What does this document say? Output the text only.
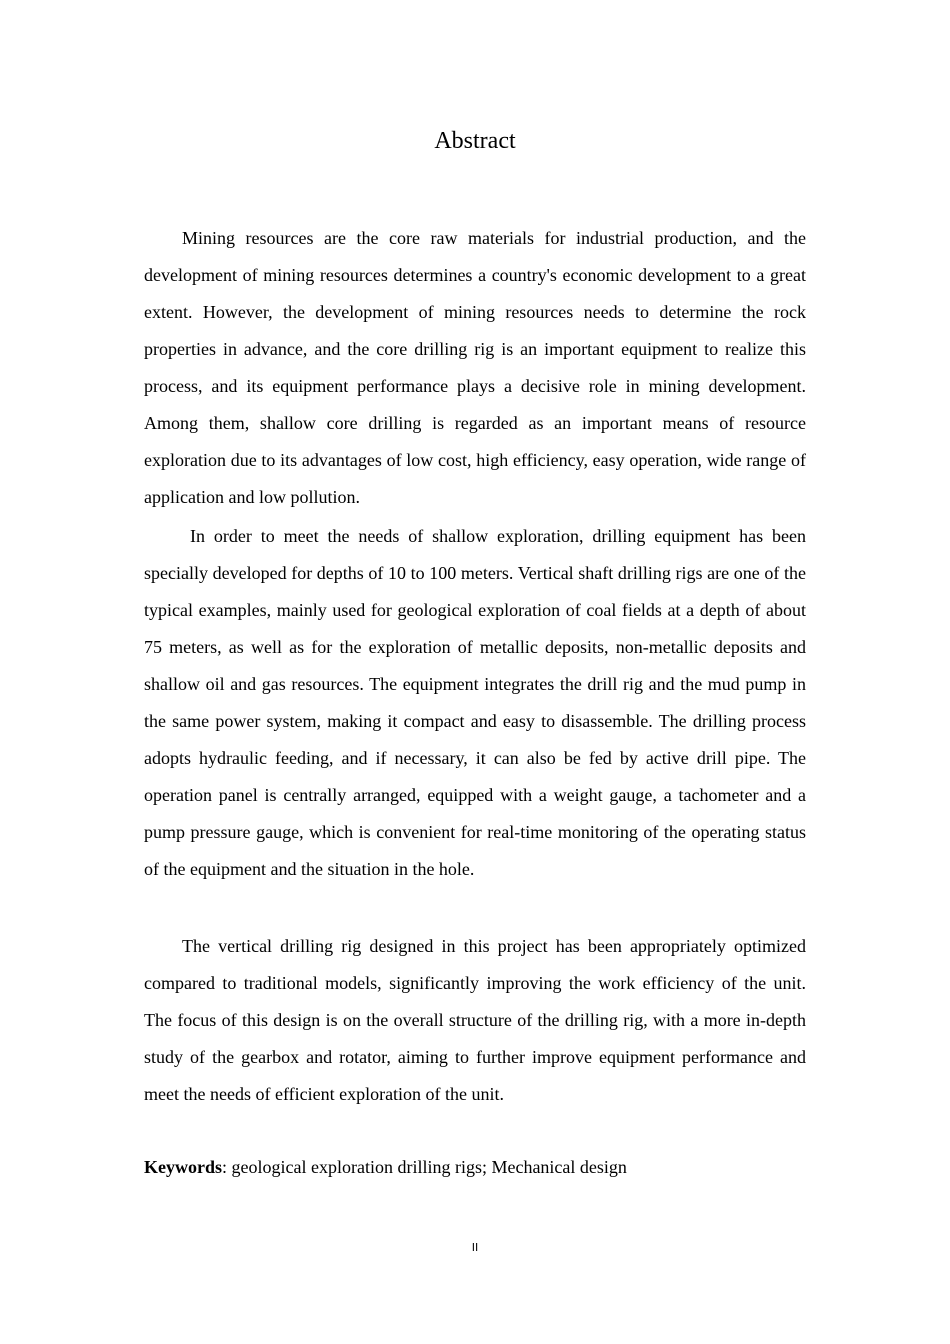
Abstract

Mining resources are the core raw materials for industrial production, and the development of mining resources determines a country's economic development to a great extent. However, the development of mining resources needs to determine the rock properties in advance, and the core drilling rig is an important equipment to realize this process, and its equipment performance plays a decisive role in mining development. Among them, shallow core drilling is regarded as an important means of resource exploration due to its advantages of low cost, high efficiency, easy operation, wide range of application and low pollution.

In order to meet the needs of shallow exploration, drilling equipment has been specially developed for depths of 10 to 100 meters. Vertical shaft drilling rigs are one of the typical examples, mainly used for geological exploration of coal fields at a depth of about 75 meters, as well as for the exploration of metallic deposits, non-metallic deposits and shallow oil and gas resources. The equipment integrates the drill rig and the mud pump in the same power system, making it compact and easy to disassemble. The drilling process adopts hydraulic feeding, and if necessary, it can also be fed by active drill pipe. The operation panel is centrally arranged, equipped with a weight gauge, a tachometer and a pump pressure gauge, which is convenient for real-time monitoring of the operating status of the equipment and the situation in the hole.

The vertical drilling rig designed in this project has been appropriately optimized compared to traditional models, significantly improving the work efficiency of the unit. The focus of this design is on the overall structure of the drilling rig, with a more in-depth study of the gearbox and rotator, aiming to further improve equipment performance and meet the needs of efficient exploration of the unit.

Keywords: geological exploration drilling rigs; Mechanical design
II
